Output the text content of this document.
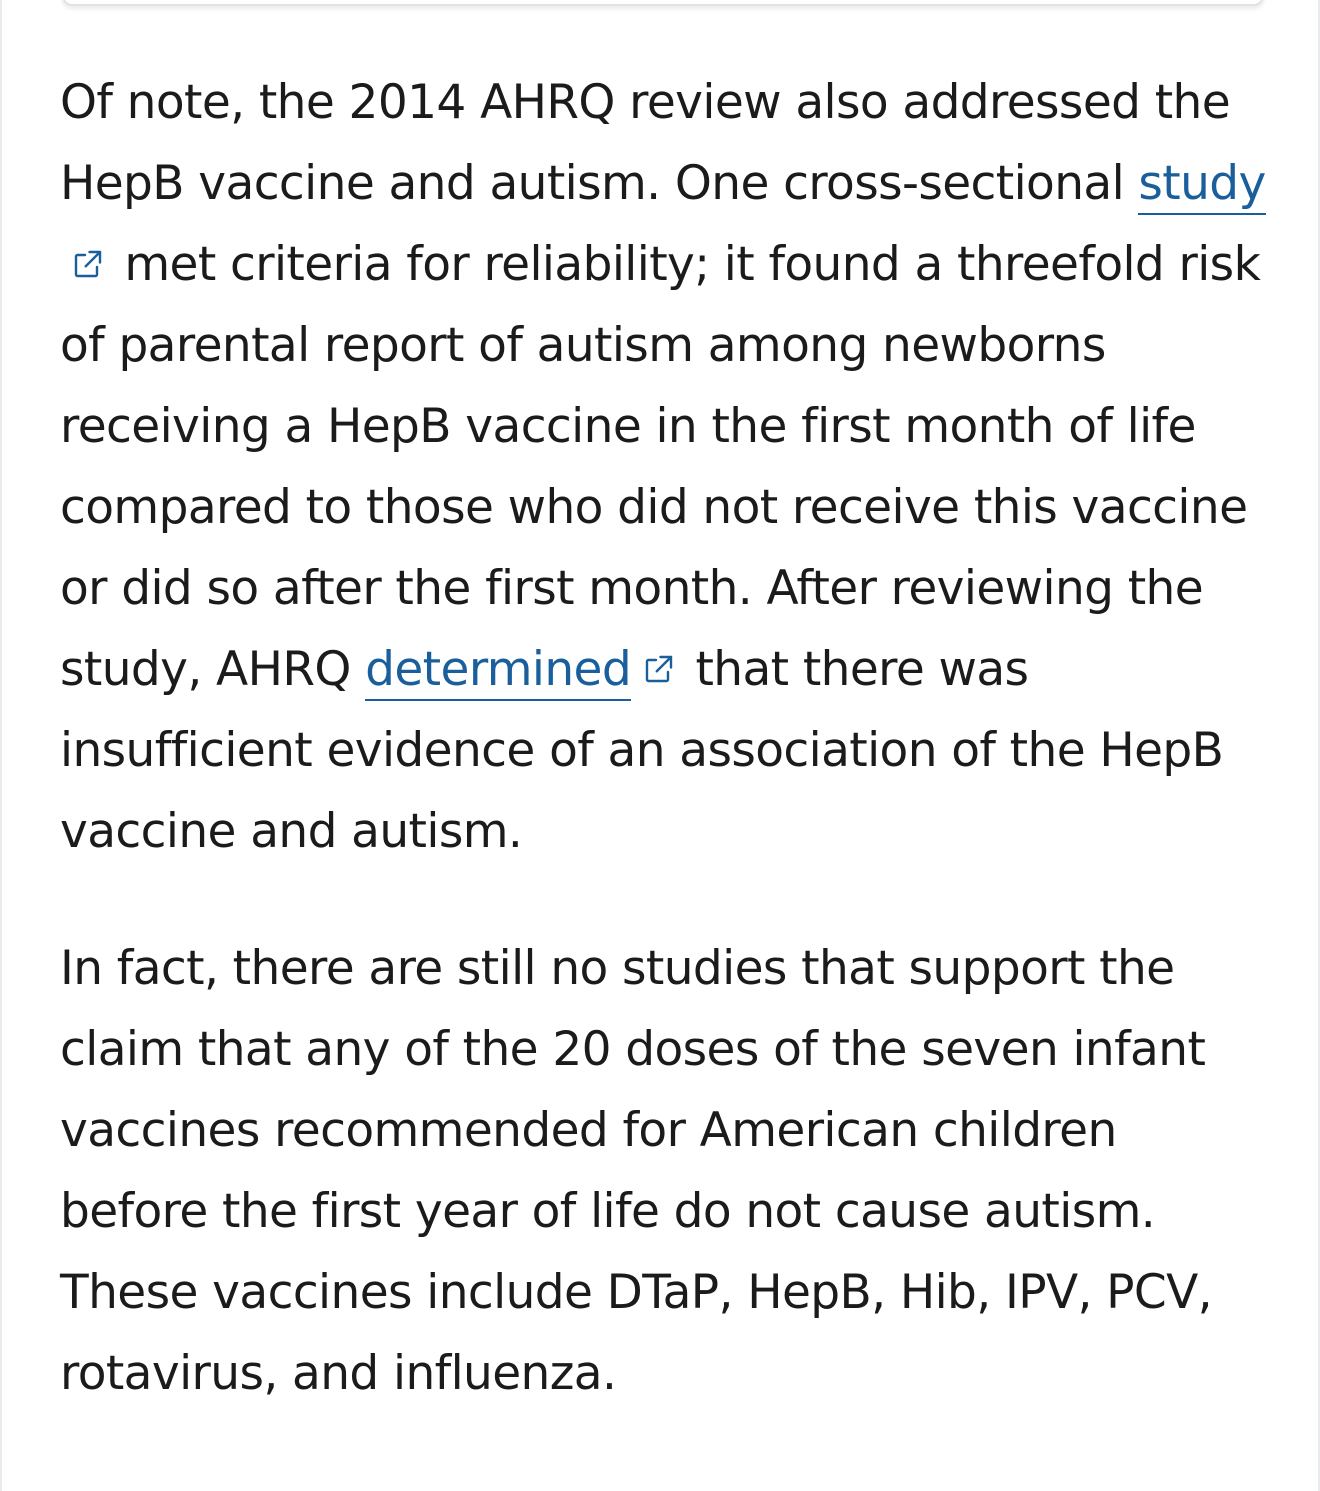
Of note, the 2014 AHRQ review also addressed the HepB vaccine and autism. One cross-sectional study
met criteria for reliability; it found a threefold risk of parental report of autism among newborns receiving a HepB vaccine in the first month of life compared to those who did not receive this vaccine or did so after the first month. After reviewing the study, AHRQ determined
that there was insufficient evidence of an association of the HepB vaccine and autism.

In fact, there are still no studies that support the claim that any of the 20 doses of the seven infant vaccines recommended for American children before the first year of life do not cause autism. These vaccines include DTaP, HepB, Hib, IPV, PCV, rotavirus, and influenza.
